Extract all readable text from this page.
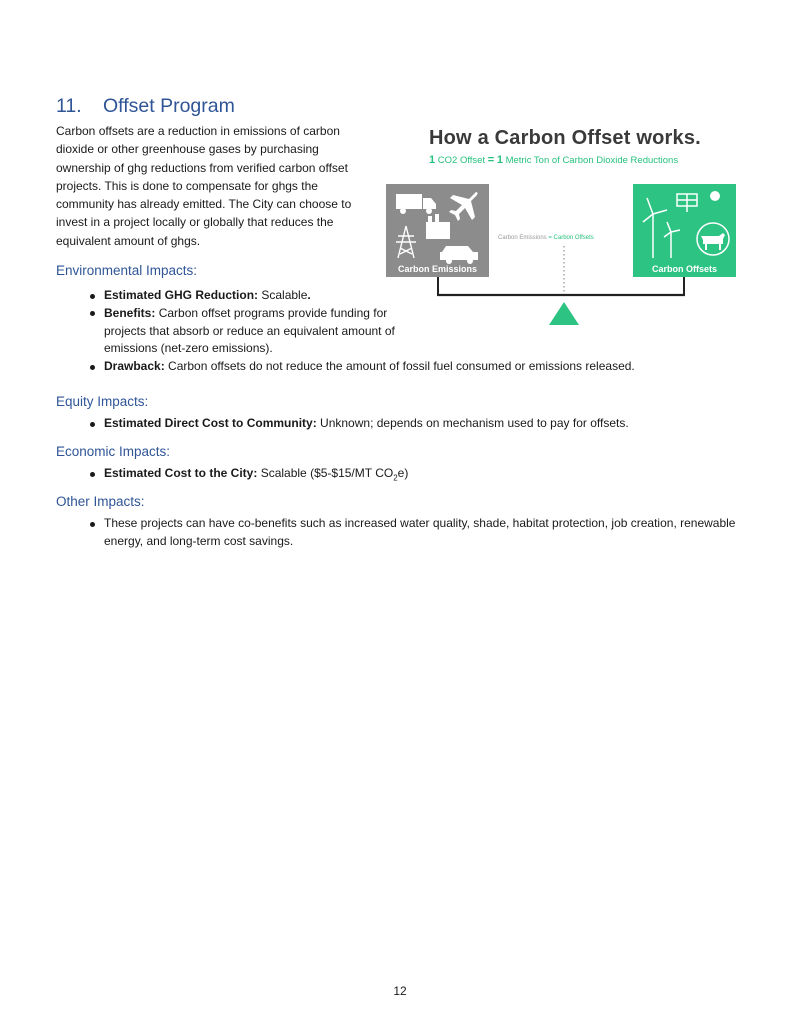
11. Offset Program

Carbon offsets are a reduction in emissions of carbon dioxide or other greenhouse gases by purchasing ownership of ghg reductions from verified carbon offset projects. This is done to compensate for ghgs the community has already emitted. The City can choose to invest in a project locally or globally that reduces the equivalent amount of ghgs.

How a Carbon Offset works.
1 CO2 Offset = 1 Metric Ton of Carbon Dioxide Reductions
Carbon Emissions = Carbon Offsets
Carbon Emissions	Carbon Offsets
Environmental Impacts:
Estimated GHG Reduction: Scalable.
Benefits: Carbon offset programs provide funding for projects that absorb or reduce an equivalent amount of emissions (net-zero emissions).
Drawback: Carbon offsets do not reduce the amount of fossil fuel consumed or emissions released.
Equity Impacts:
Estimated Direct Cost to Community: Unknown; depends on mechanism used to pay for offsets.
Economic Impacts:
Estimated Cost to the City: Scalable ($5-$15/MT $CO_2e$)
Other Impacts:
These projects can have co-benefits such as increased water quality, shade, habitat protection, job creation, renewable energy, and long-term cost savings.
12
